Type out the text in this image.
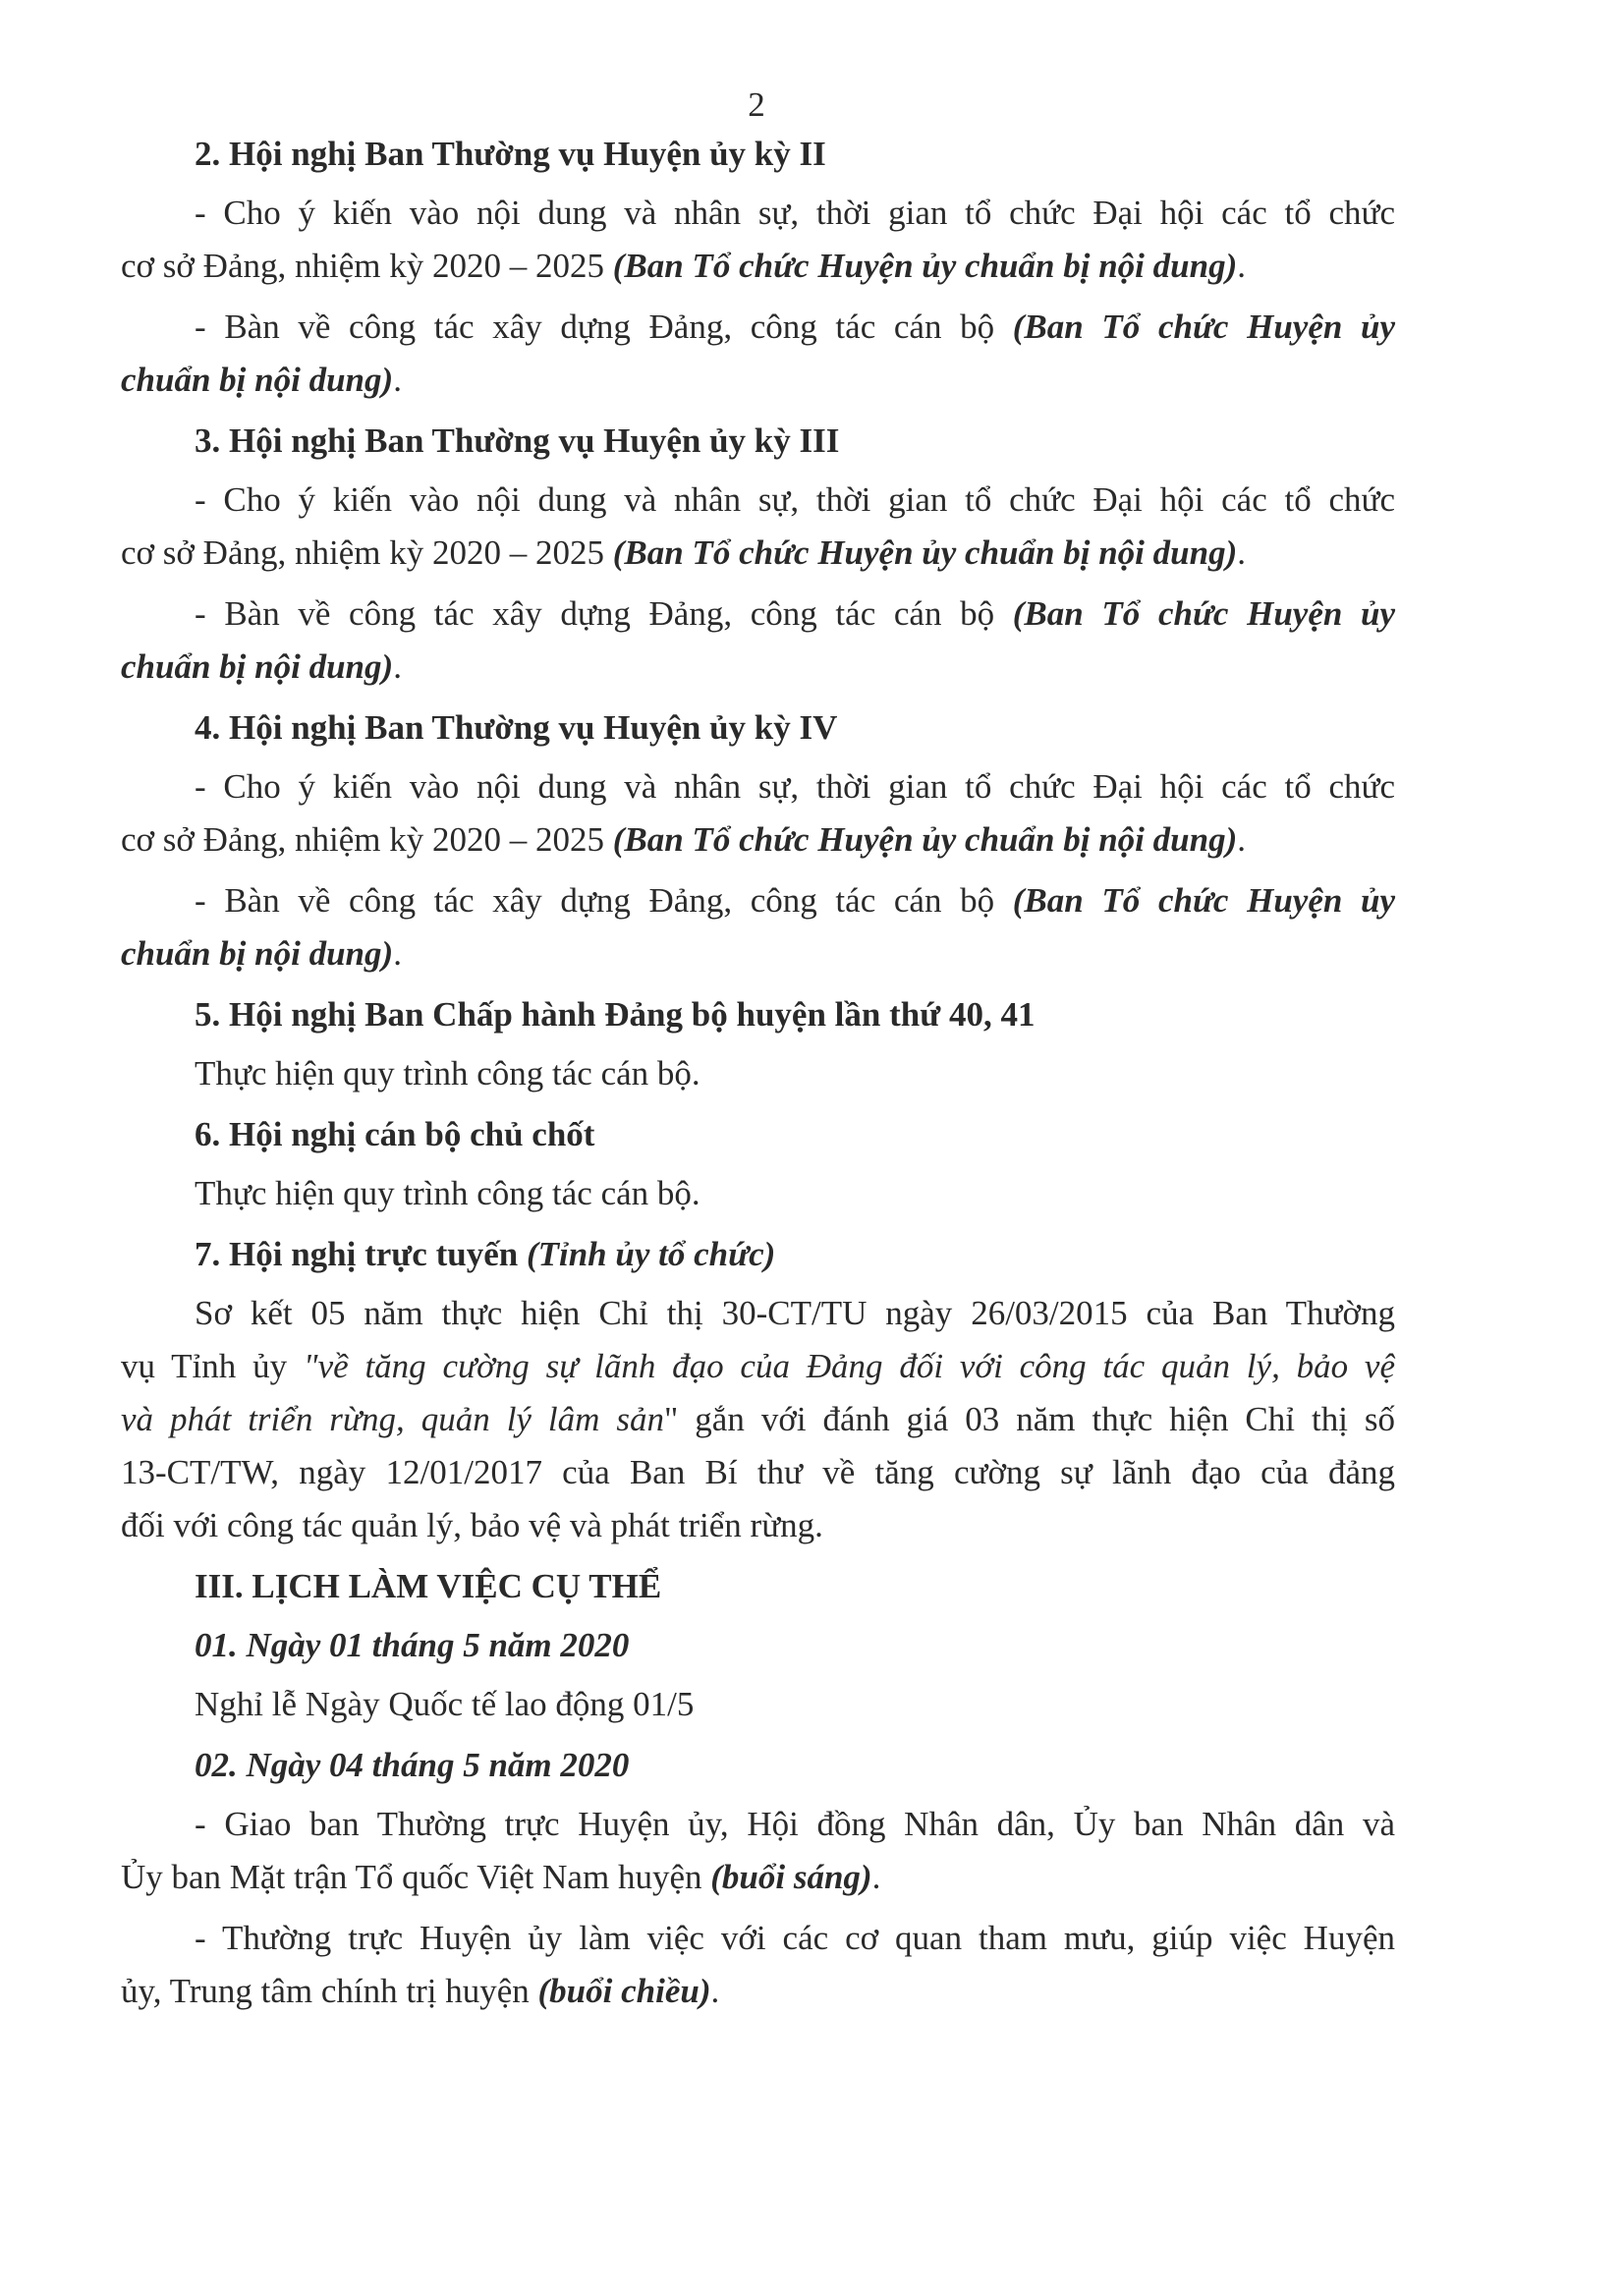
2
2. Hội nghị Ban Thường vụ Huyện ủy kỳ II
- Cho ý kiến vào nội dung và nhân sự, thời gian tổ chức Đại hội các tổ chức
cơ sở Đảng, nhiệm kỳ 2020 – 2025 (Ban Tổ chức Huyện ủy chuẩn bị nội dung).
- Bàn về công tác xây dựng Đảng, công tác cán bộ (Ban Tổ chức Huyện ủy
chuẩn bị nội dung).
3. Hội nghị Ban Thường vụ Huyện ủy kỳ III
- Cho ý kiến vào nội dung và nhân sự, thời gian tổ chức Đại hội các tổ chức
cơ sở Đảng, nhiệm kỳ 2020 – 2025 (Ban Tổ chức Huyện ủy chuẩn bị nội dung).
- Bàn về công tác xây dựng Đảng, công tác cán bộ (Ban Tổ chức Huyện ủy
chuẩn bị nội dung).
4. Hội nghị Ban Thường vụ Huyện ủy kỳ IV
- Cho ý kiến vào nội dung và nhân sự, thời gian tổ chức Đại hội các tổ chức
cơ sở Đảng, nhiệm kỳ 2020 – 2025 (Ban Tổ chức Huyện ủy chuẩn bị nội dung).
- Bàn về công tác xây dựng Đảng, công tác cán bộ (Ban Tổ chức Huyện ủy
chuẩn bị nội dung).
5. Hội nghị Ban Chấp hành Đảng bộ huyện lần thứ 40, 41
Thực hiện quy trình công tác cán bộ.
6. Hội nghị cán bộ chủ chốt
Thực hiện quy trình công tác cán bộ.
7. Hội nghị trực tuyến (Tỉnh ủy tổ chức)
Sơ kết 05 năm thực hiện Chỉ thị 30-CT/TU ngày 26/03/2015 của Ban Thường
vụ Tỉnh ủy "về tăng cường sự lãnh đạo của Đảng đối với công tác quản lý, bảo vệ
và phát triển rừng, quản lý lâm sản" gắn với đánh giá 03 năm thực hiện Chỉ thị số
13-CT/TW, ngày 12/01/2017 của Ban Bí thư về tăng cường sự lãnh đạo của đảng
đối với công tác quản lý, bảo vệ và phát triển rừng.
III. LỊCH LÀM VIỆC CỤ THỂ
01. Ngày 01 tháng 5 năm 2020
Nghỉ lễ Ngày Quốc tế lao động 01/5
02. Ngày 04 tháng 5 năm 2020
- Giao ban Thường trực Huyện ủy, Hội đồng Nhân dân, Ủy ban Nhân dân và
Ủy ban Mặt trận Tổ quốc Việt Nam huyện (buổi sáng).
- Thường trực Huyện ủy làm việc với các cơ quan tham mưu, giúp việc Huyện
ủy, Trung tâm chính trị huyện (buổi chiều).
